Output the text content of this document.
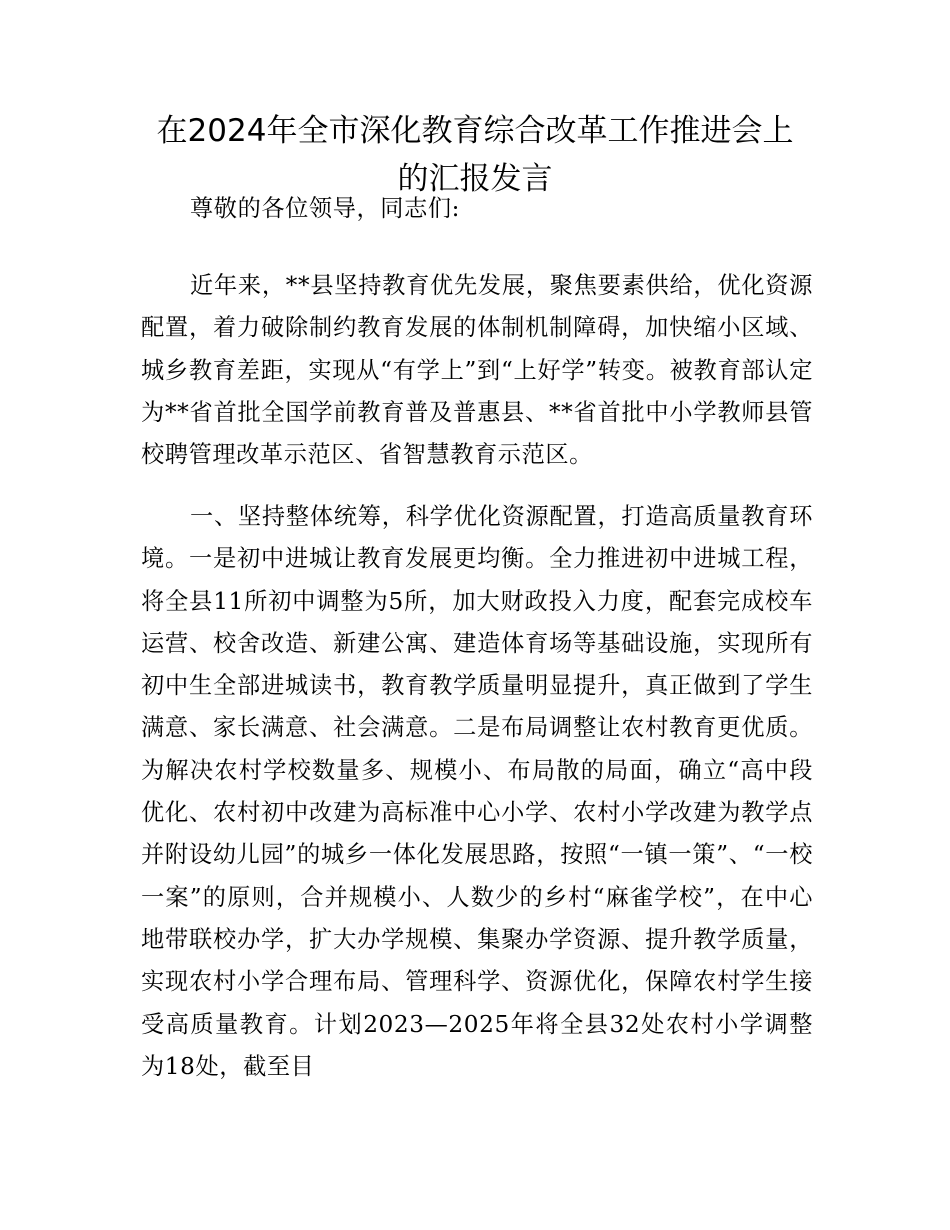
在2024年全市深化教育综合改革工作推进会上
的汇报发言

尊敬的各位领导，同志们:

近年来，**县坚持教育优先发展，聚焦要素供给，优化资源配置，着力破除制约教育发展的体制机制障碍，加快缩小区域、城乡教育差距，实现从“有学上”到“上好学”转变。被教育部认定为**省首批全国学前教育普及普惠县、**省首批中小学教师县管校聘管理改革示范区、省智慧教育示范区。

一、坚持整体统筹，科学优化资源配置，打造高质量教育环境。一是初中进城让教育发展更均衡。全力推进初中进城工程，将全县11所初中调整为5所，加大财政投入力度，配套完成校车运营、校舍改造、新建公寓、建造体育场等基础设施，实现所有初中生全部进城读书，教育教学质量明显提升，真正做到了学生满意、家长满意、社会满意。二是布局调整让农村教育更优质。为解决农村学校数量多、规模小、布局散的局面，确立“高中段优化、农村初中改建为高标准中心小学、农村小学改建为教学点并附设幼儿园”的城乡一体化发展思路，按照“一镇一策”、“一校一案”的原则，合并规模小、人数少的乡村“麻雀学校”，在中心地带联校办学，扩大办学规模、集聚办学资源、提升教学质量，实现农村小学合理布局、管理科学、资源优化，保障农村学生接受高质量教育。计划2023—2025年将全县32处农村小学调整为18处，截至目
